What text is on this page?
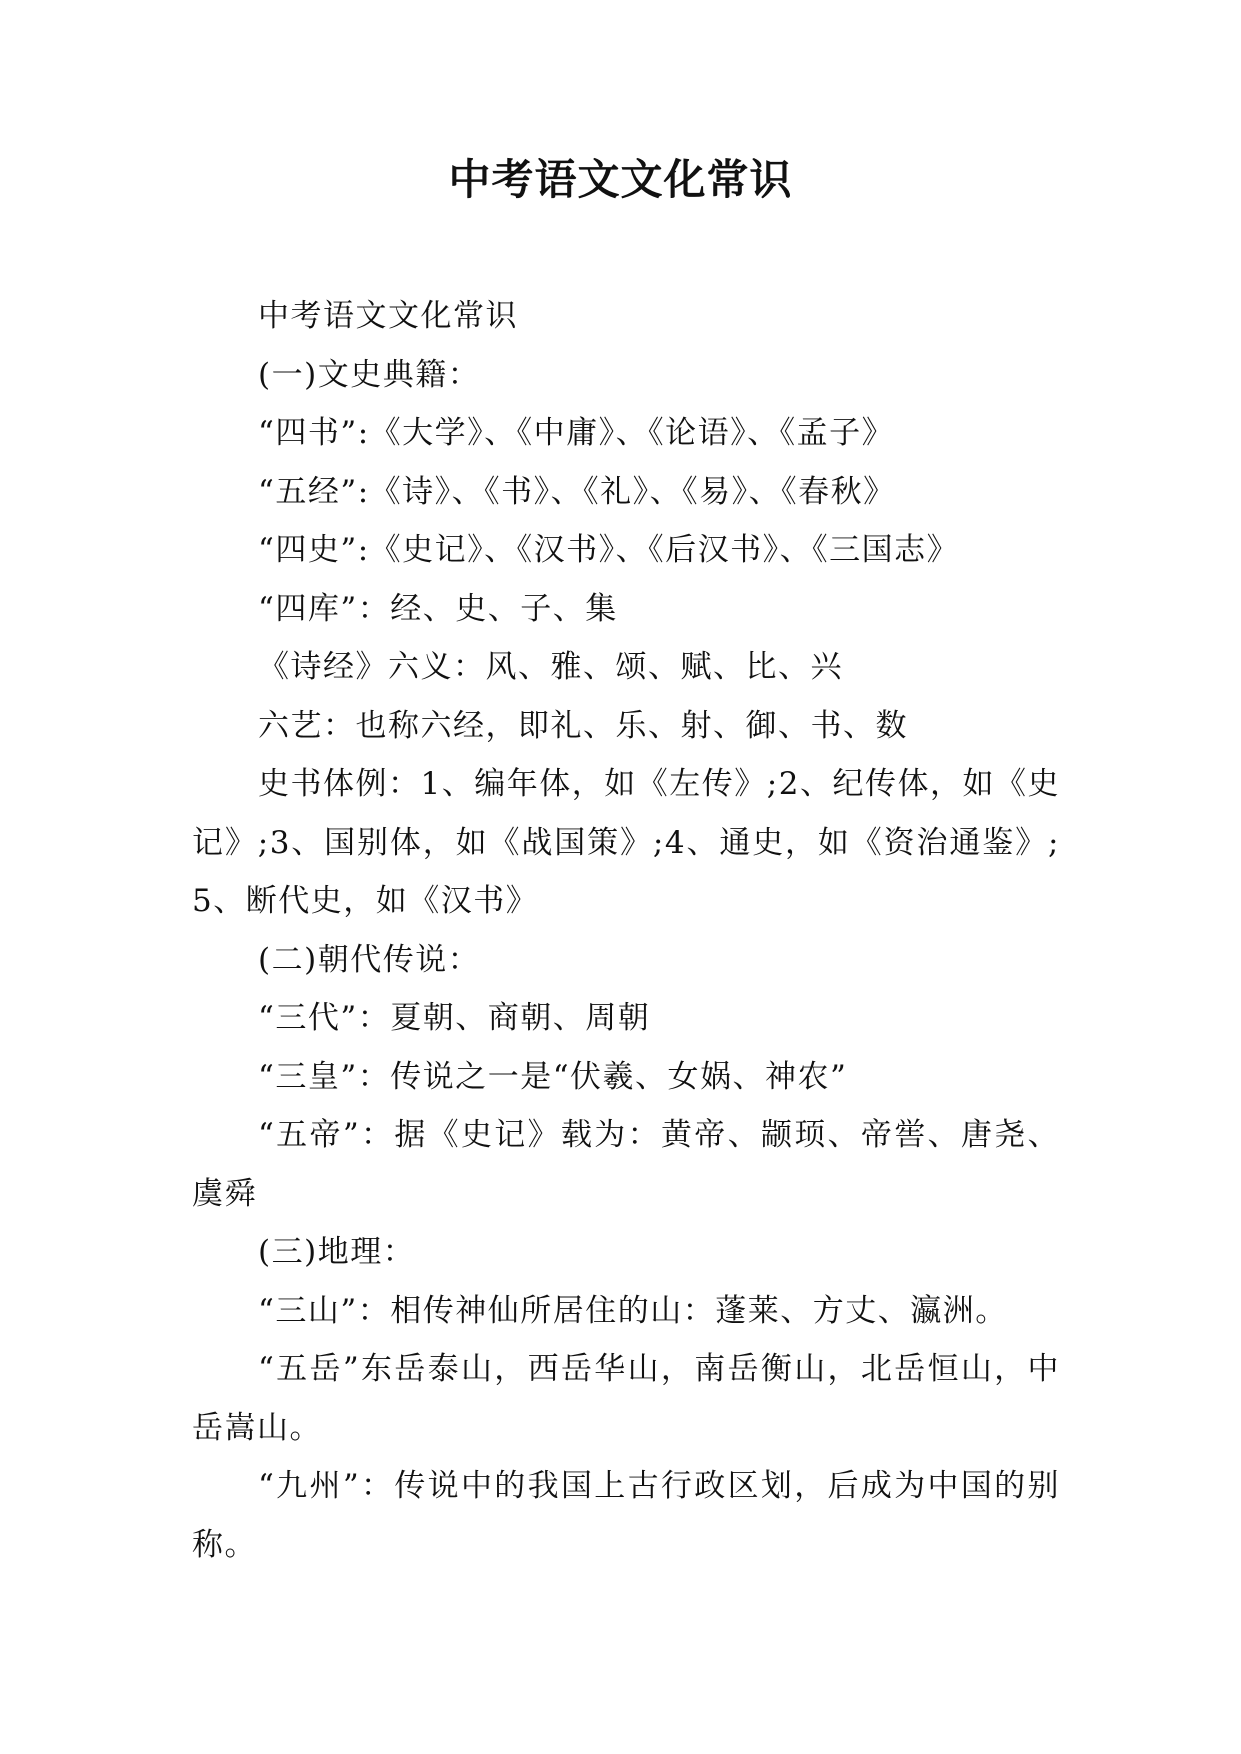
中考语文文化常识

中考语文文化常识

(一)文史典籍：

“四书”:《大学》、《中庸》、《论语》、《孟子》

“五经”:《诗》、《书》、《礼》、《易》、《春秋》

“四史”:《史记》、《汉书》、《后汉书》、《三国志》

“四库”：经、史、子、集

《诗经》六义：风、雅、颂、赋、比、兴

六艺：也称六经，即礼、乐、射、御、书、数

史书体例：1、编年体，如《左传》;2、纪传体，如《史记》;3、国别体，如《战国策》;4、通史，如《资治通鉴》;5、断代史，如《汉书》

(二)朝代传说：

“三代”：夏朝、商朝、周朝

“三皇”：传说之一是“伏羲、女娲、神农”

“五帝”：据《史记》载为：黄帝、颛顼、帝喾、唐尧、虞舜

(三)地理：

“三山”：相传神仙所居住的山：蓬莱、方丈、瀛洲。

“五岳”东岳泰山，西岳华山，南岳衡山，北岳恒山，中岳嵩山。

“九州”：传说中的我国上古行政区划，后成为中国的别称。
